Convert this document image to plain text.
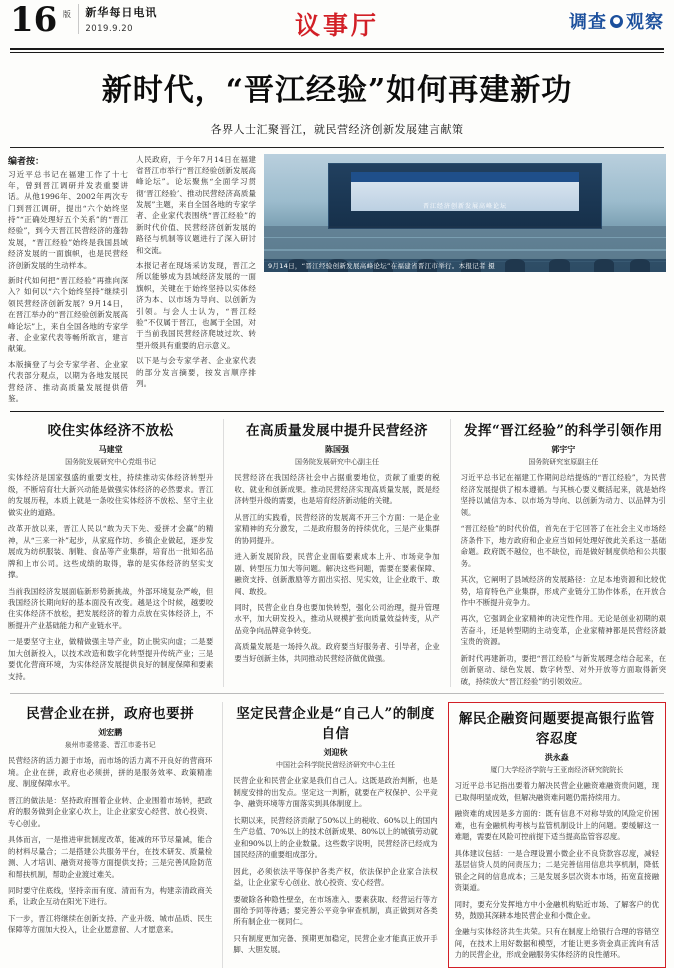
16 版 新华每日电讯
2019.9.20	议事厅	调查 ● 观察
新时代，“晋江经验”如何再建新功
各界人士汇聚晋江，就民营经济创新发展建言献策
编者按：
习近平总书记在福建工作了十七年，曾到晋江调研并发表重要讲话。从他1996年、2002年两次专门到晋江调研，提出“六个始终坚持”“正确处理好五个关系”的“晋江经验”，到今天晋江民营经济的蓬勃发展，“晋江经验”始终是我国县域经济发展的一面旗帜，也是民营经济创新发展的生动样本。
新时代如何把“晋江经验”再推向深入？如何以“六个始终坚持”继续引领民营经济创新发展？9月14日，在晋江举办的“晋江经验创新发展高峰论坛”上，来自全国各地的专家学者、企业家代表等畅所欲言，建言献策。
本版摘登了与会专家学者、企业家代表部分观点，以期为各地发展民营经济、推动高质量发展提供借鉴。
人民政府，于今年7月14日在福建省晋江市举行“晋江经验创新发展高峰论坛”。论坛聚焦“全面学习贯彻‘晋江经验’、推动民营经济高质量发展”主题，来自全国各地的专家学者、企业家代表围绕“晋江经验”的新时代价值、民营经济创新发展的路径与机制等议题进行了深入研讨和交流。
本报记者在现场采访发现，晋江之所以能够成为县域经济发展的一面旗帜，关键在于始终坚持以实体经济为本、以市场为导向、以创新为引领。与会人士认为，“晋江经验”不仅属于晋江，也属于全国，对于当前我国民营经济爬坡过坎、转型升级具有重要的启示意义。
以下是与会专家学者、企业家代表的部分发言摘要，按发言顺序排列。
晋江经济创新发展高峰论坛
9月14日，“晋江经验创新发展高峰论坛”在福建省晋江市举行。本报记者 摄
咬住实体经济不放松
马建堂
国务院发展研究中心党组书记
实体经济是国家强盛的重要支柱，持续推动实体经济转型升级，不断培育壮大新兴动能是做强实体经济的必然要求。晋江的发展历程，本质上就是一条咬住实体经济不放松、坚守主业做实业的道路。
改革开放以来，晋江人民以“敢为天下先、爱拼才会赢”的精神，从“三来一补”起步，从家庭作坊、乡镇企业做起，逐步发展成为纺织服装、制鞋、食品等产业集群，培育出一批知名品牌和上市公司。这些成绩的取得，靠的是实体经济的坚实支撑。
当前我国经济发展面临新形势新挑战，外部环境复杂严峻，但我国经济长期向好的基本面没有改变。越是这个时候，越要咬住实体经济不放松，把发展经济的着力点放在实体经济上，不断提升产业基础能力和产业链水平。
一是要坚守主业，做精做强主导产业，防止脱实向虚；二是要加大创新投入，以技术改造和数字化转型提升传统产业；三是要优化营商环境，为实体经济发展提供良好的制度保障和要素支持。
在高质量发展中提升民营经济
陈国强
国务院发展研究中心副主任
民营经济在我国经济社会中占据重要地位，贡献了重要的税收、就业和创新成果。推动民营经济实现高质量发展，既是经济转型升级的需要，也是培育经济新动能的关键。
从晋江的实践看，民营经济的发展离不开三个方面：一是企业家精神的充分激发，二是政府服务的持续优化，三是产业集群的协同提升。
进入新发展阶段，民营企业面临要素成本上升、市场竞争加剧、转型压力加大等问题。解决这些问题，需要在要素保障、融资支持、创新激励等方面出实招、见实效，让企业敢干、敢闯、敢投。
同时，民营企业自身也要加快转型，强化公司治理，提升管理水平，加大研发投入，推动从规模扩张向质量效益转变，从产品竞争向品牌竞争转变。
高质量发展是一场持久战。政府要当好服务者、引导者，企业要当好创新主体，共同推动民营经济做优做强。
发挥“晋江经验”的科学引领作用
郭宇宁
国务院研究室原副主任
习近平总书记在福建工作期间总结提炼的“晋江经验”，为民营经济发展提供了根本遵循。与其核心要义概括起来，就是始终坚持以诚信为本、以市场为导向、以创新为动力、以品牌为引领。
“晋江经验”的时代价值，首先在于它回答了在社会主义市场经济条件下，地方政府和企业应当如何处理好彼此关系这一基础命题。政府既不越位，也不缺位，而是做好制度供给和公共服务。
其次，它阐明了县域经济的发展路径：立足本地资源和比较优势，培育特色产业集群，形成产业链分工协作体系，在开放合作中不断提升竞争力。
再次，它强调企业家精神的决定性作用。无论是创业初期的艰苦奋斗，还是转型期的主动变革，企业家精神都是民营经济最宝贵的资源。
新时代再建新功，要把“晋江经验”与新发展理念结合起来，在创新驱动、绿色发展、数字转型、对外开放等方面取得新突破，持续放大“晋江经验”的引领效应。
民营企业在拼，政府也要拼
刘宏鹏
泉州市委常委、晋江市委书记
民营经济的活力源于市场，而市场的活力离不开良好的营商环境。企业在拼，政府也必须拼，拼的是服务效率、政策精准度、制度保障水平。
晋江的做法是：坚持政府围着企业转、企业围着市场转，把政府的服务做到企业家心坎上，让企业家安心经营、放心投资、专心创业。
具体而言，一是推进审批制度改革，能减的环节尽量减，能合的材料尽量合；二是搭建公共服务平台，在技术研发、质量检测、人才培训、融资对接等方面提供支持；三是完善风险防范和帮扶机制，帮助企业渡过难关。
同时要守住底线，坚持亲而有度、清而有为，构建亲清政商关系，让政企互动在阳光下进行。
下一步，晋江将继续在创新支持、产业升级、城市品质、民生保障等方面加大投入，让企业愿意留、人才愿意来。
坚定民营企业是“自己人”的制度自信
刘迎秋
中国社会科学院民营经济研究中心主任
民营企业和民营企业家是我们自己人。这既是政治判断，也是制度安排的出发点。坚定这一判断，就要在产权保护、公平竞争、融资环境等方面落实到具体制度上。
长期以来，民营经济贡献了50%以上的税收、60%以上的国内生产总值、70%以上的技术创新成果、80%以上的城镇劳动就业和90%以上的企业数量。这些数字说明，民营经济已经成为国民经济的重要组成部分。
因此，必须依法平等保护各类产权，依法保护企业家合法权益，让企业家专心创业、放心投资、安心经营。
要破除各种隐性壁垒，在市场准入、要素获取、经营运行等方面给予同等待遇；要完善公平竞争审查机制，真正做到对各类所有制企业一视同仁。
只有制度更加完备、预期更加稳定，民营企业才能真正放开手脚、大胆发展。
解民企融资问题要提高银行监管容忍度
洪永淼
厦门大学经济学院与王亚南经济研究院院长
习近平总书记指出要着力解决民营企业融资难融资贵问题，现已取得明显成效，但解决融资难问题仍需持续用力。
融资难的成因是多方面的：既有信息不对称导致的风险定价困难，也有金融机构考核与监管机制设计上的问题。要缓解这一难题，需要在风险可控前提下适当提高监管容忍度。
具体建议包括：一是合理设置小微企业不良贷款容忍度，减轻基层信贷人员的问责压力；二是完善信用信息共享机制，降低银企之间的信息成本；三是发展多层次资本市场，拓宽直接融资渠道。
同时，要充分发挥地方中小金融机构贴近市场、了解客户的优势，鼓励其深耕本地民营企业和小微企业。
金融与实体经济共生共荣。只有在制度上给银行合理的容错空间，在技术上用好数据和模型，才能让更多资金真正流向有活力的民营企业，形成金融服务实体经济的良性循环。
